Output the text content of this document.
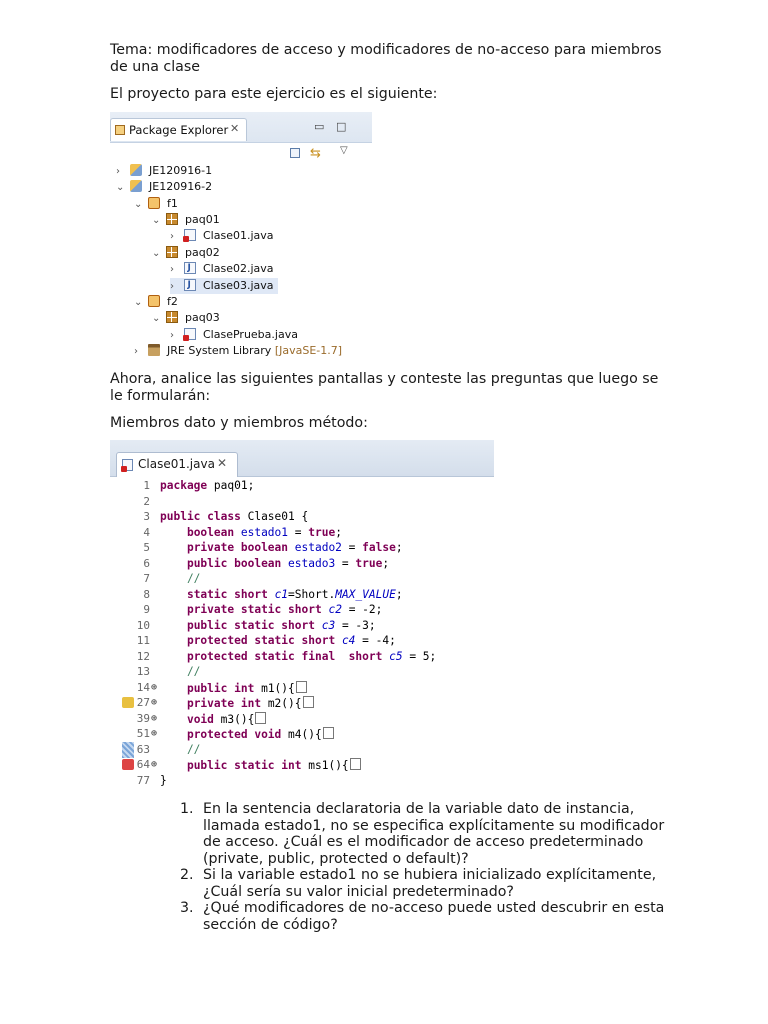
Tema: modificadores de acceso y modificadores de no-acceso para miembros de una clase

El proyecto para este ejercicio es el siguiente:

Package Explorer ✕	▭ □
⇆ ▽
›	JE120916-1
⌄ JE120916-2
⌄ f1
⌄ paq01
›	Clase01.java
⌄ paq02
› J	Clase02.java
› J	Clase03.java
⌄ f2
⌄ paq03
›	ClasePrueba.java
›	JRE System Library [JavaSE-1.7]

Ahora, analice las siguientes pantallas y conteste las preguntas que luego se le formularán:

Miembros dato y miembros método:

Clase01.java ✕
1 package paq01;
2
3 public class Clase01 {
4	boolean estado1 = true;
5	private boolean estado2 = false;
6	public boolean estado3 = true;
7 //
8	static short c1=Short.MAX_VALUE;
9	private static short c2 = -2;
10	public static short c3 = -3;
11	protected static short c4 = -4;
12	protected static final short c5 = 5;
13 //
14 ⊕	public int m1(){
27 ⊕	private int m2(){
39 ⊕	void m3(){
51 ⊕	protected void m4(){
63 //
64 ⊕	public static int ms1(){
77 }
1. En la sentencia declaratoria de la variable dato de instancia, llamada estado1, no se especifica explícitamente su modificador de acceso. ¿Cuál es el modificador de acceso predeterminado (private, public, protected o default)?
2. Si la variable estado1 no se hubiera inicializado explícitamente, ¿Cuál sería su valor inicial predeterminado?
3. ¿Qué modificadores de no-acceso puede usted descubrir en esta sección de código?
